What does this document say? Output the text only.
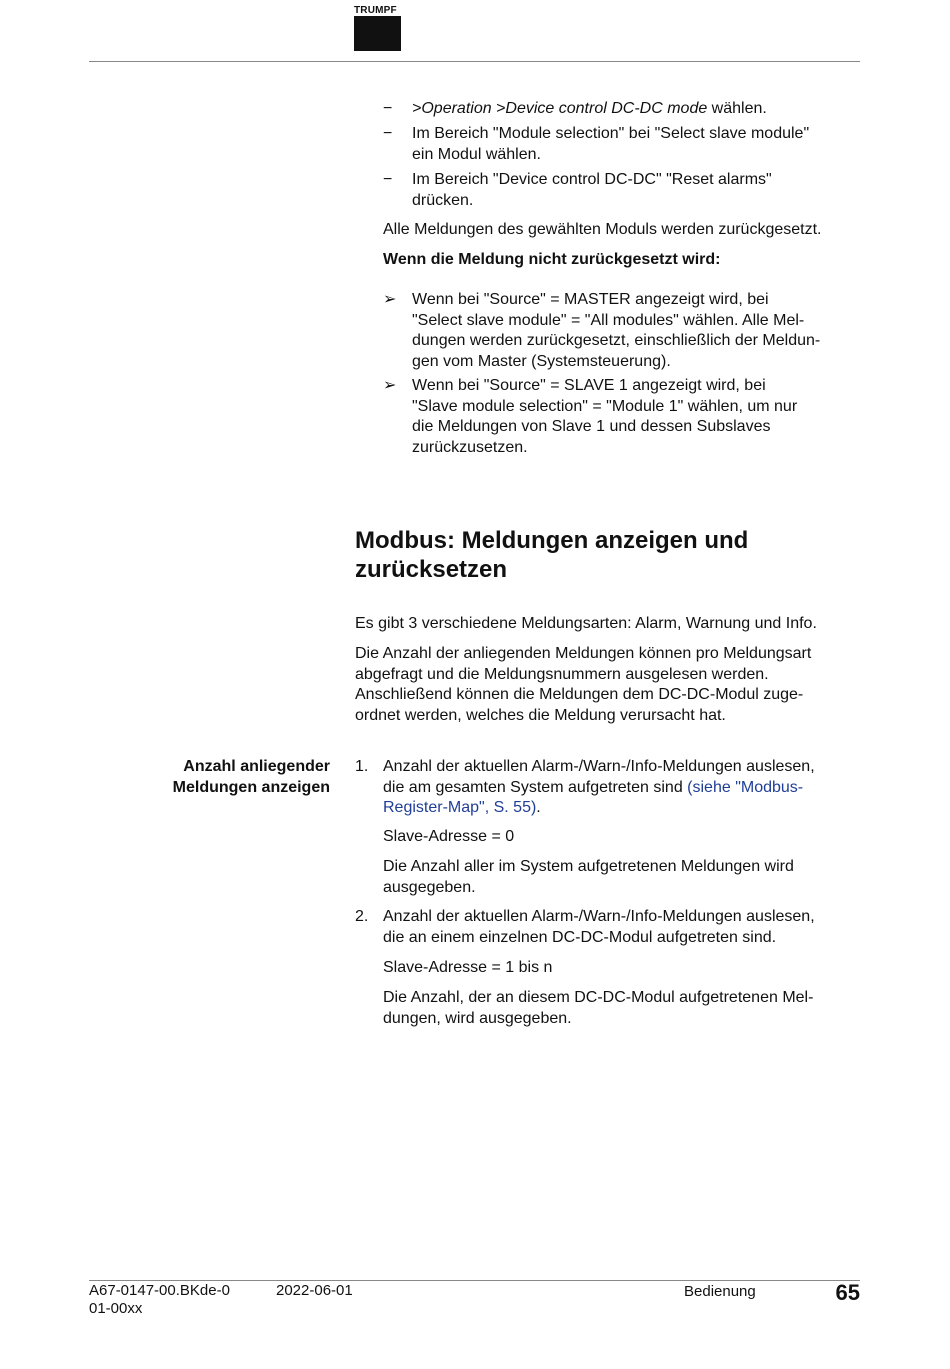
TRUMPF
− >Operation >Device control DC-DC mode wählen.
− Im Bereich "Module selection" bei "Select slave module"
ein Modul wählen.
− Im Bereich "Device control DC-DC" "Reset alarms"
drücken.
Alle Meldungen des gewählten Moduls werden zurückgesetzt.
Wenn die Meldung nicht zurückgesetzt wird:
➢ Wenn bei "Source" = MASTER angezeigt wird, bei
"Select slave module" = "All modules" wählen. Alle Mel-
dungen werden zurückgesetzt, einschließlich der Meldun-
gen vom Master (Systemsteuerung).
➢ Wenn bei "Source" = SLAVE 1 angezeigt wird, bei
"Slave module selection" = "Module 1" wählen, um nur
die Meldungen von Slave 1 und dessen Subslaves
zurückzusetzen.
Modbus: Meldungen anzeigen und
zurücksetzen
Es gibt 3 verschiedene Meldungsarten: Alarm, Warnung und Info.
Die Anzahl der anliegenden Meldungen können pro Meldungsart
abgefragt und die Meldungsnummern ausgelesen werden.
Anschließend können die Meldungen dem DC-DC-Modul zuge-
ordnet werden, welches die Meldung verursacht hat.
Anzahl anliegender
Meldungen anzeigen
1. Anzahl der aktuellen Alarm-/Warn-/Info-Meldungen auslesen,
die am gesamten System aufgetreten sind (siehe "Modbus-
Register-Map", S. 55).
Slave-Adresse = 0
Die Anzahl aller im System aufgetretenen Meldungen wird
ausgegeben.
2. Anzahl der aktuellen Alarm-/Warn-/Info-Meldungen auslesen,
die an einem einzelnen DC-DC-Modul aufgetreten sind.
Slave-Adresse = 1 bis n
Die Anzahl, der an diesem DC-DC-Modul aufgetretenen Mel-
dungen, wird ausgegeben.
A67-0147-00.BKde-0
01-00xx
2022-06-01	Bedienung	65
